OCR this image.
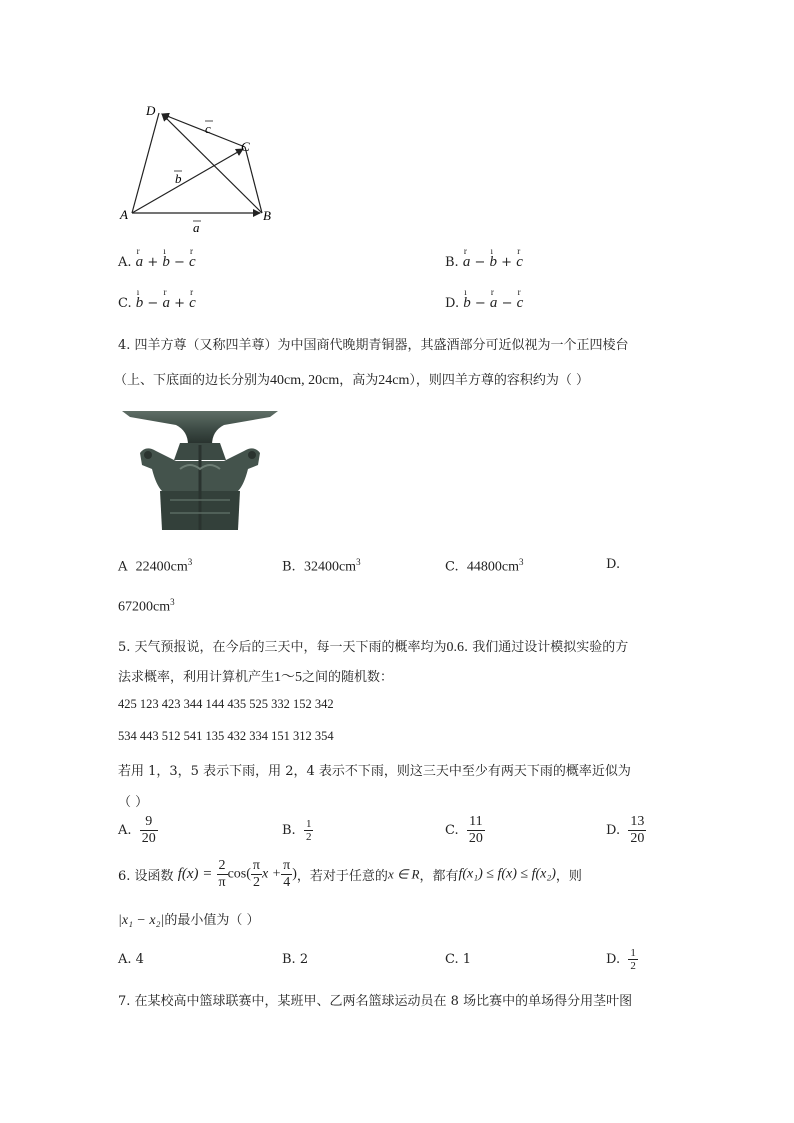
D
C
A	B
c
b
a
A.
r
a +
ı
b −
r
c	B.
r
a −
ı
b +
r
c
C.
ı
b −
r
a +
r
c	D.
ı
b −
r
a −
r
c
4. 四羊方尊（又称四羊尊）为中国商代晚期青铜器，其盛酒部分可近似视为一个正四棱台
（上、下底面的边长分别为40cm, 20cm，高为24cm），则四羊方尊的容积约为（ ）
A $22400cm^3$	B. $32400cm^3$	C. $44800cm^3$	D.
$67200cm^3$
5. 天气预报说，在今后的三天中，每一天下雨的概率均为0.6. 我们通过设计模拟实验的方
法求概率，利用计算机产生1～5之间的随机数：
425 123 423 344 144 435 525 332 152 342
534 443 512 541 135 432 334 151 312 354
若用 1，3，5 表示下雨，用 2，4 表示不下雨，则这三天中至少有两天下雨的概率近似为
（ ）
A. $\frac{9}{20}$	B. $\frac{1}{2}$	C. $\frac{11}{20}$	D. $\frac{13}{20}$
6. 设函数 $f(x) = \frac{2}{\pi} \cos( \frac{\pi}{2}$ $x + \frac{\pi}{4}$ )，若对于任意的x ∈ R，都有f(x₁) ≤ f(x) ≤ f(x₂)，则
|x₁ − x₂|的最小值为（ ）
A. 4	B. 2	C. 1	D. $\frac{1}{2}$
7. 在某校高中篮球联赛中，某班甲、乙两名篮球运动员在 8 场比赛中的单场得分用茎叶图
